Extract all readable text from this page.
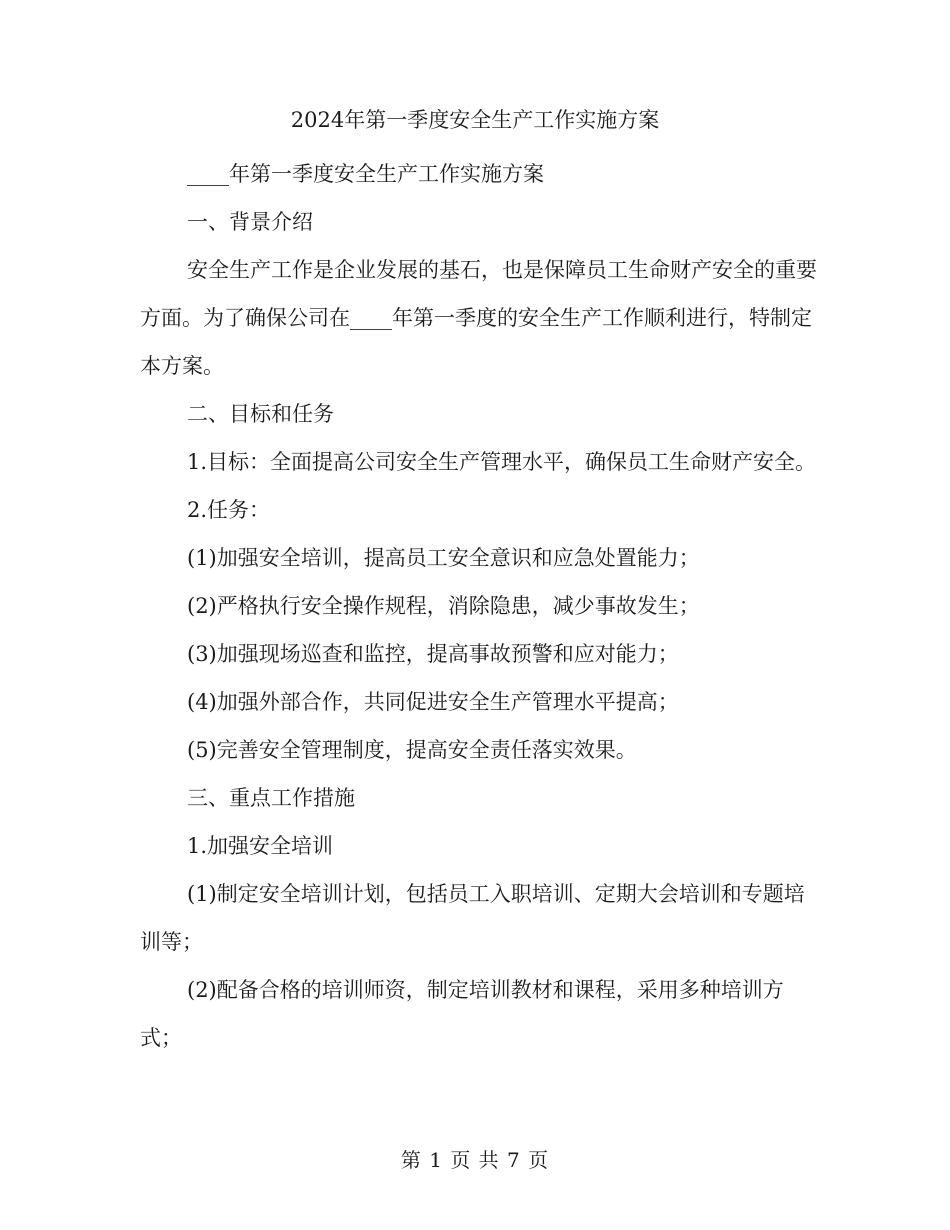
2024年第一季度安全生产工作实施方案

____年第一季度安全生产工作实施方案

一、背景介绍

安全生产工作是企业发展的基石，也是保障员工生命财产安全的重要方面。为了确保公司在____年第一季度的安全生产工作顺利进行，特制定本方案。

二、目标和任务

1.目标：全面提高公司安全生产管理水平，确保员工生命财产安全。

2.任务：

(1)加强安全培训，提高员工安全意识和应急处置能力；

(2)严格执行安全操作规程，消除隐患，减少事故发生；

(3)加强现场巡查和监控，提高事故预警和应对能力；

(4)加强外部合作，共同促进安全生产管理水平提高；

(5)完善安全管理制度，提高安全责任落实效果。

三、重点工作措施

1.加强安全培训

(1)制定安全培训计划，包括员工入职培训、定期大会培训和专题培训等；

(2)配备合格的培训师资，制定培训教材和课程，采用多种培训方式；

第 1 页 共 7 页
